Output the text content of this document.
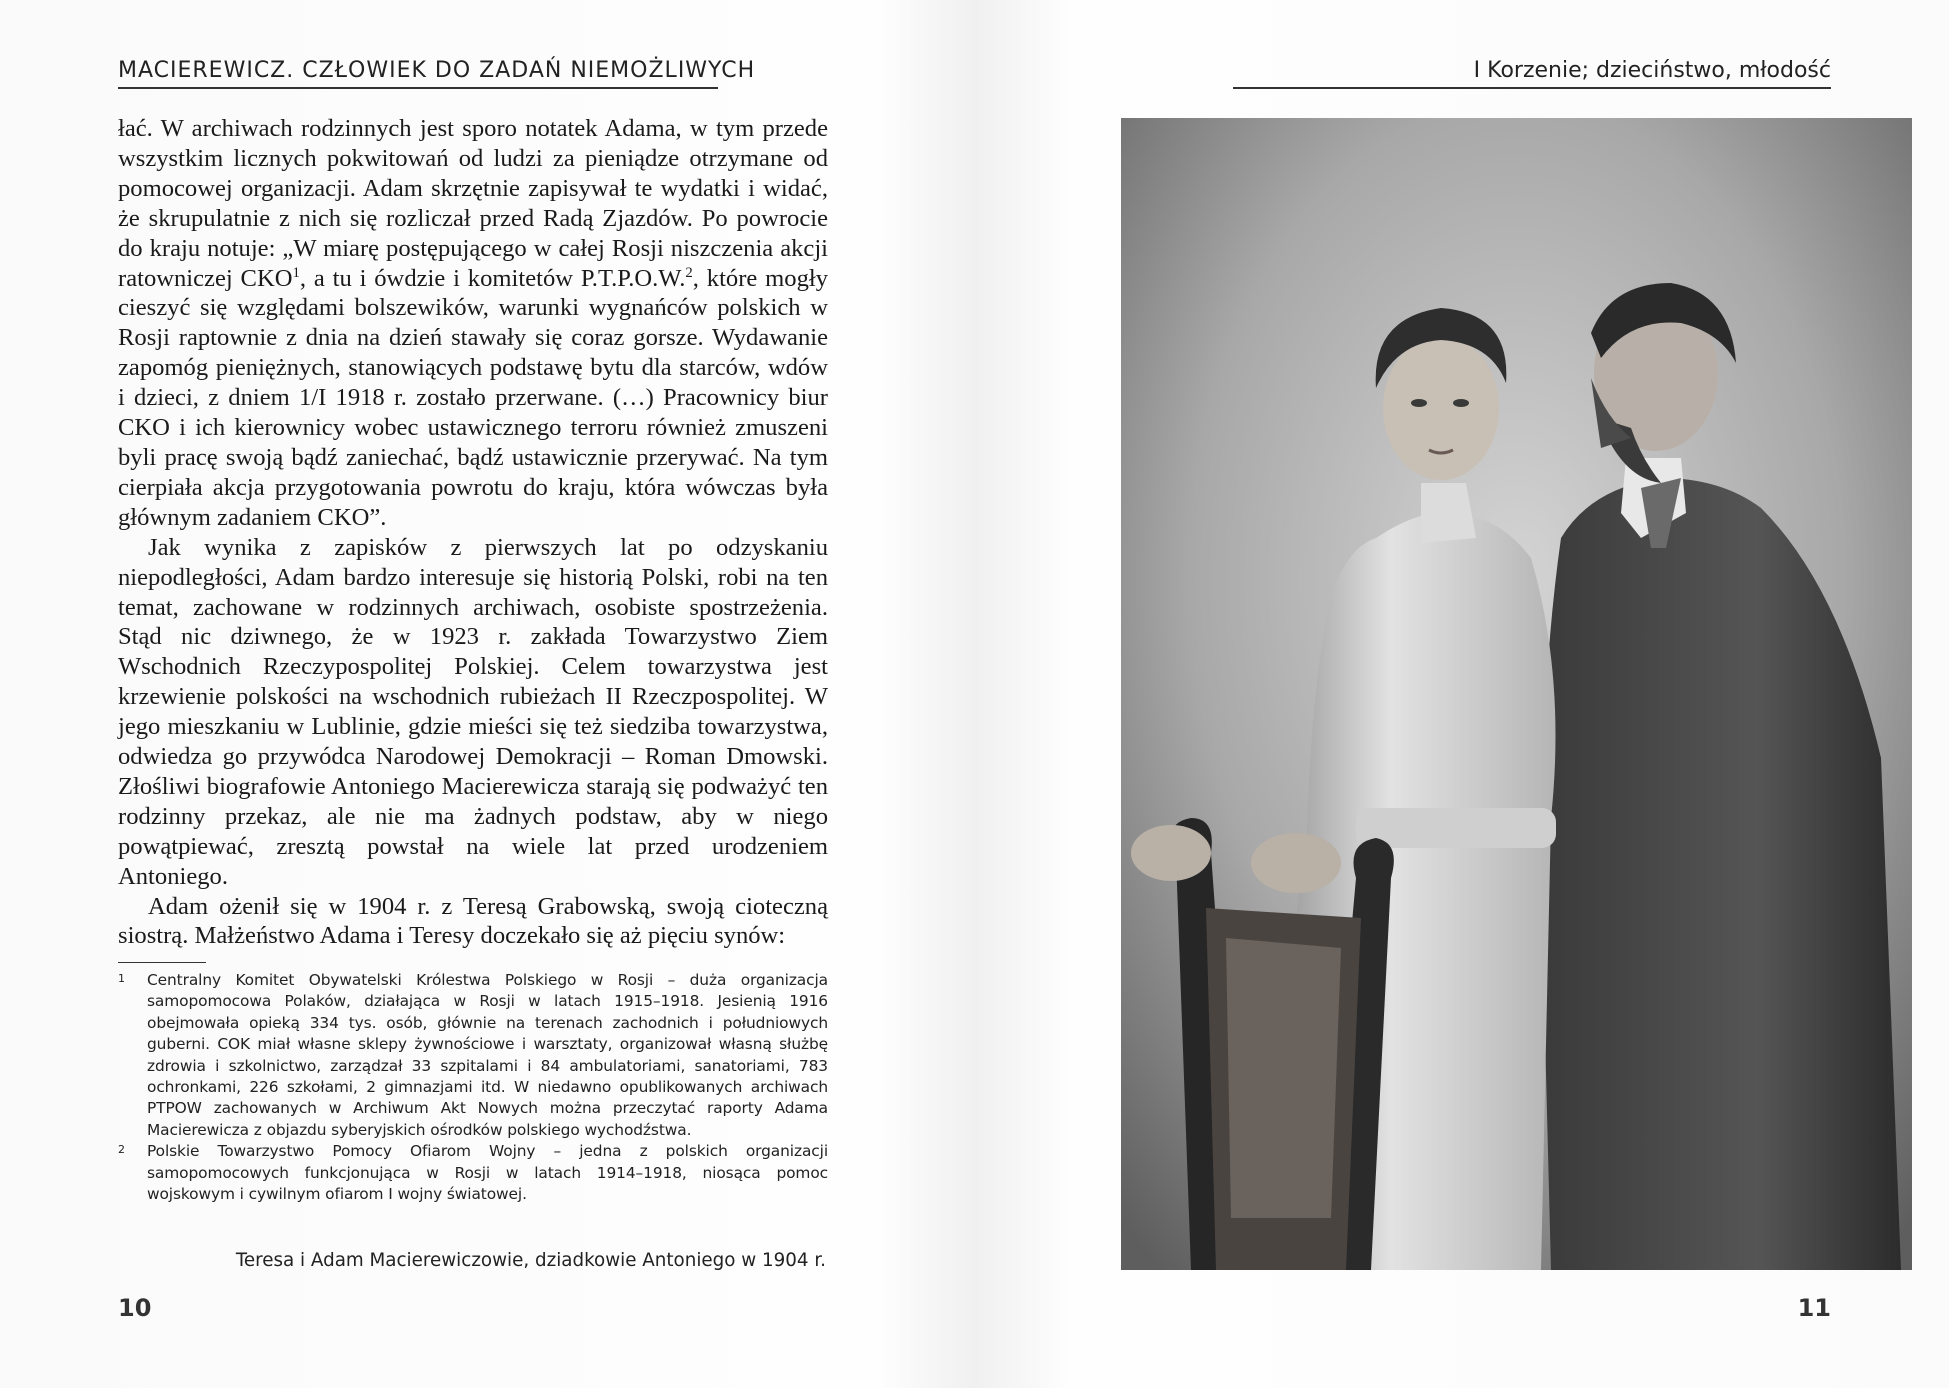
MACIEREWICZ. CZŁOWIEK DO ZADAŃ NIEMOŻLIWYCH	I Korzenie; dzieciństwo, młodość

łać. W archiwach rodzinnych jest sporo notatek Adama, w tym przede wszystkim licznych pokwitowań od ludzi za pieniądze otrzymane od pomocowej organizacji. Adam skrzętnie zapisywał te wydatki i widać, że skrupulatnie z nich się rozliczał przed Radą Zjazdów. Po powrocie do kraju notuje: „W miarę postępującego w całej Rosji niszczenia akcji ratowniczej CKO$^1$, a tu i ówdzie i komitetów P.T.P.O.W.$^2$, które mogły cieszyć się względami bolszewików, warunki wygnańców polskich w Rosji raptownie z dnia na dzień stawały się coraz gorsze. Wydawanie zapomóg pieniężnych, stanowiących podstawę bytu dla starców, wdów i dzieci, z dniem 1/I 1918 r. zostało przerwane. (…) Pracownicy biur CKO i ich kierownicy wobec ustawicznego terroru również zmuszeni byli pracę swoją bądź zaniechać, bądź ustawicznie przerywać. Na tym cierpiała akcja przygotowania powrotu do kraju, która wówczas była głównym zadaniem CKO”.

Jak wynika z zapisków z pierwszych lat po odzyskaniu niepodległości, Adam bardzo interesuje się historią Polski, robi na ten temat, zachowane w rodzinnych archiwach, osobiste spostrzeżenia. Stąd nic dziwnego, że w 1923 r. zakłada Towarzystwo Ziem Wschodnich Rzeczypospolitej Polskiej. Celem towarzystwa jest krzewienie polskości na wschodnich rubieżach II Rzeczpospolitej. W jego mieszkaniu w Lublinie, gdzie mieści się też siedziba towarzystwa, odwiedza go przywódca Narodowej Demokracji – Roman Dmowski. Złośliwi biografowie Antoniego Macierewicza starają się podważyć ten rodzinny przekaz, ale nie ma żadnych podstaw, aby w niego powątpiewać, zresztą powstał na wiele lat przed urodzeniem Antoniego.

Adam ożenił się w 1904 r. z Teresą Grabowską, swoją cioteczną siostrą. Małżeństwo Adama i Teresy doczekało się aż pięciu synów:

1	Centralny Komitet Obywatelski Królestwa Polskiego w Rosji – duża organizacja samopomocowa Polaków, działająca w Rosji w latach 1915–1918. Jesienią 1916 obejmowała opieką 334 tys. osób, głównie na terenach zachodnich i południowych guberni. COK miał własne sklepy żywnościowe i warsztaty, organizował własną służbę zdrowia i szkolnictwo, zarządzał 33 szpitalami i 84 ambulatoriami, sanatoriami, 783 ochronkami, 226 szkołami, 2 gimnazjami itd. W niedawno opublikowanych archiwach PTPOW zachowanych w Archiwum Akt Nowych można przeczytać raporty Adama Macierewicza z objazdu syberyjskich ośrodków polskiego wychodźstwa.
2	Polskie Towarzystwo Pomocy Ofiarom Wojny – jedna z polskich organizacji samopomocowych funkcjonująca w Rosji w latach 1914–1918, niosąca pomoc wojskowym i cywilnym ofiarom I wojny światowej.
Teresa i Adam Macierewiczowie, dziadkowie Antoniego w 1904 r.
10	11
